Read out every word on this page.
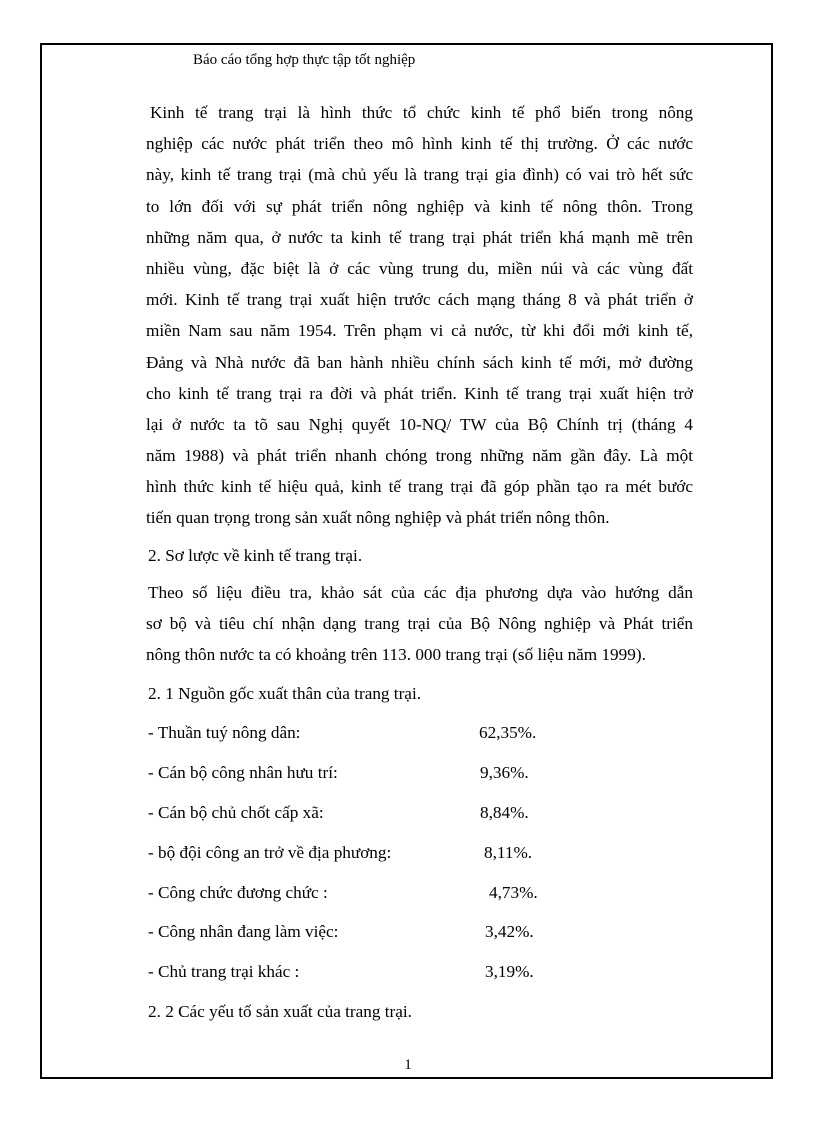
Báo cáo tổng hợp thực tập tốt nghiệp
Kinh tế trang trại là hình thức tổ chức kinh tế phổ biến trong nông
nghiệp các nước phát triển theo mô hình kinh tế thị trường. Ở các nước
này, kinh tế trang trại (mà chủ yếu là trang trại gia đình) có vai trò hết sức
to lớn đối với sự phát triển nông nghiệp và kinh tế nông thôn. Trong
những năm qua, ở nước ta kinh tế trang trại phát triển khá mạnh mẽ trên
nhiều vùng, đặc biệt là ở các vùng trung du, miền núi và các vùng đất
mới. Kinh tế trang trại xuất hiện trước cách mạng tháng 8 và phát triển ở
miền Nam sau năm 1954. Trên phạm vi cả nước, từ khi đổi mới kinh tế,
Đảng và Nhà nước đã ban hành nhiều chính sách kinh tế mới, mở đường
cho kinh tế trang trại ra đời và phát triển. Kinh tế trang trại xuất hiện trở
lại ở nước ta tõ sau Nghị quyết 10-NQ/ TW của Bộ Chính trị (tháng 4
năm 1988) và phát triển nhanh chóng trong những năm gần đây. Là một
hình thức kinh tế hiệu quả, kinh tế trang trại đã góp phần tạo ra mét bước
tiến quan trọng trong sản xuất nông nghiệp và phát triển nông thôn.
2. Sơ lược về kinh tế trang trại.
Theo số liệu điều tra, khảo sát của các địa phương dựa vào hướng dẫn
sơ bộ và tiêu chí nhận dạng trang trại của Bộ Nông nghiệp và Phát triển
nông thôn nước ta có khoảng trên 113. 000 trang trại (số liệu năm 1999).
2. 1 Nguồn gốc xuất thân của trang trại.
- Thuần tuý nông dân:	62,35%.
- Cán bộ công nhân hưu trí:	9,36%.
- Cán bộ chủ chốt cấp xã:	8,84%.
- bộ đội công an trở về địa phương:	8,11%.
- Công chức đương chức :	4,73%.
- Công nhân đang làm việc:	3,42%.
- Chủ trang trại khác :	3,19%.
2. 2 Các yếu tố sản xuất của trang trại.
1
